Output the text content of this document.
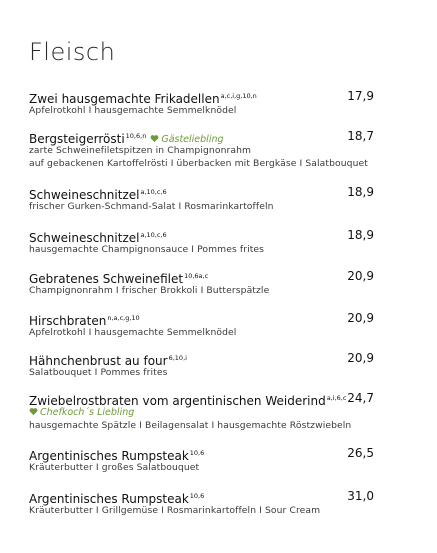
Fleisch
Zwei hausgemachte Frikadellen$^{a,c,i,g,10,n}$	17,9
Apfelrotkohl I hausgemachte Semmelknödel
Bergsteigerrösti$^{10,6,n}$ Gästeliebling	18,7
zarte Schweinefiletspitzen in Champignonrahm
auf gebackenen Kartoffelrösti I überbacken mit Bergkäse I Salatbouquet
Schweineschnitzel$^{a,10,c,6}$	18,9
frischer Gurken-Schmand-Salat I Rosmarinkartoffeln
Schweineschnitzel$^{a,10,c,6}$	18,9
hausgemachte Champignonsauce I Pommes frites
Gebratenes Schweinefilet$^{10,6a,c}$	20,9
Champignonrahm I frischer Brokkoli I Butterspätzle
Hirschbraten$^{n,a,c,g,10}$	20,9
Apfelrotkohl I hausgemachte Semmelknödel
Hähnchenbrust au four$^{6,10,i}$	20,9
Salatbouquet I Pommes frites
Zwiebelrostbraten vom argentinischen Weiderind$^{a,i,6,c}$ 24,7
Chefkoch´s Liebling
hausgemachte Spätzle I Beilagensalat I hausgemachte Röstzwiebeln
Argentinisches Rumpsteak$^{10,6}$	26,5
Kräuterbutter I großes Salatbouquet
Argentinisches Rumpsteak$^{10,6}$	31,0
Kräuterbutter I Grillgemüse I Rosmarinkartoffeln I Sour Cream
